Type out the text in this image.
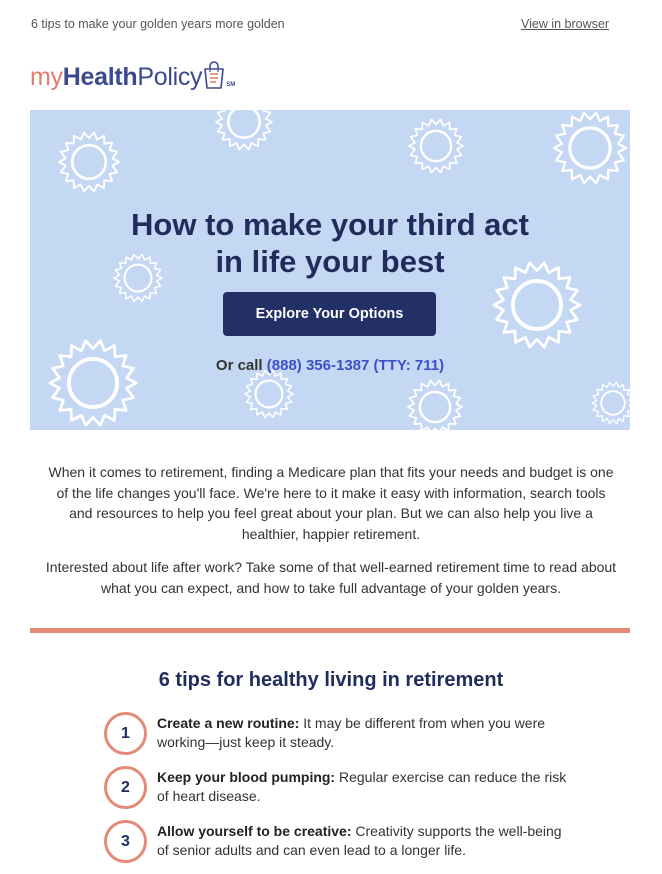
6 tips to make your golden years more golden	View in browser
my Health Policy	SM
How to make your third act
in life your best
Explore Your Options
Or call (888) 356-1387 (TTY: 711)

When it comes to retirement, finding a Medicare plan that fits your needs and budget is one of the life changes you'll face. We're here to it make it easy with information, search tools and resources to help you feel great about your plan. But we can also help you live a healthier, happier retirement.

Interested about life after work? Take some of that well-earned retirement time to read about what you can expect, and how to take full advantage of your golden years.

6 tips for healthy living in retirement
1
Create a new routine: It may be different from when you were working—just keep it steady.
2
Keep your blood pumping: Regular exercise can reduce the risk of heart disease.
3
Allow yourself to be creative: Creativity supports the well-being of senior adults and can even lead to a longer life.
